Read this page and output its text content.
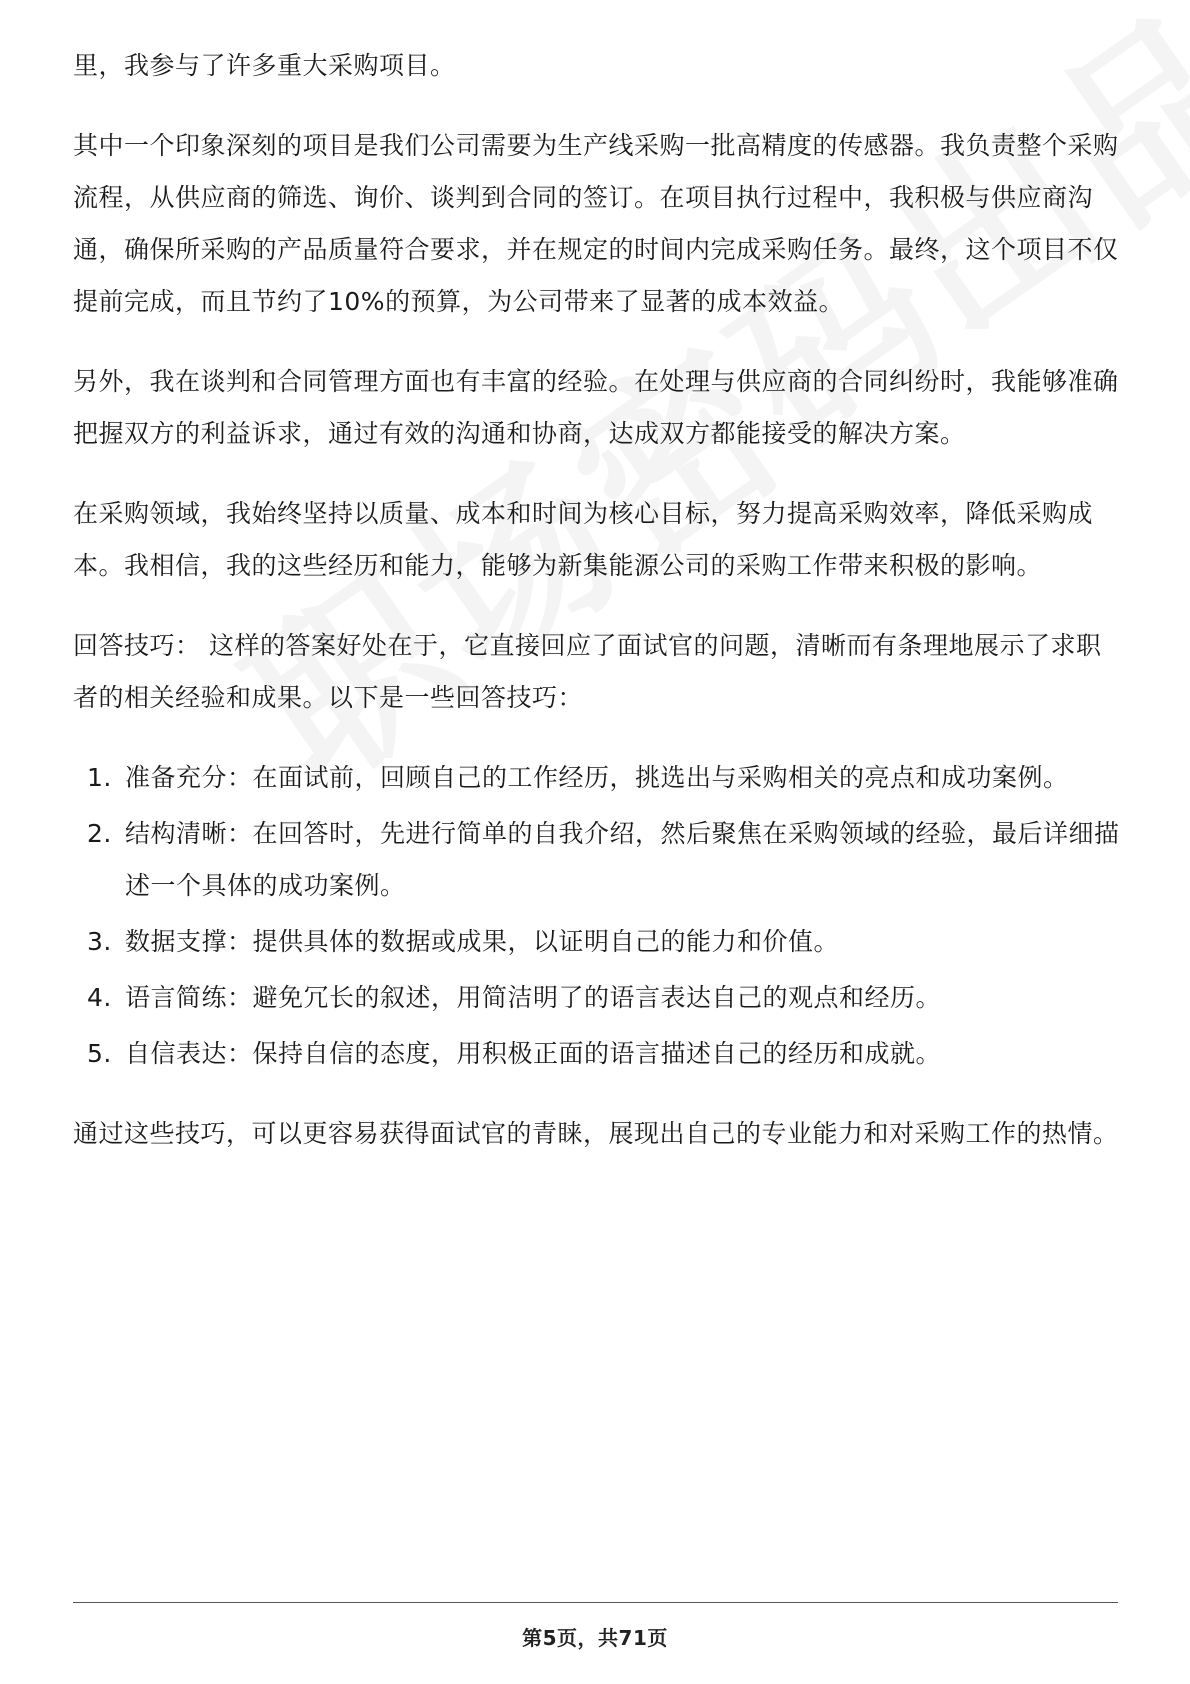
里，我参与了许多重大采购项目。

其中一个印象深刻的项目是我们公司需要为生产线采购一批高精度的传感器。我负责整个采购流程，从供应商的筛选、询价、谈判到合同的签订。在项目执行过程中，我积极与供应商沟通，确保所采购的产品质量符合要求，并在规定的时间内完成采购任务。最终，这个项目不仅提前完成，而且节约了10%的预算，为公司带来了显著的成本效益。

另外，我在谈判和合同管理方面也有丰富的经验。在处理与供应商的合同纠纷时，我能够准确把握双方的利益诉求，通过有效的沟通和协商，达成双方都能接受的解决方案。

在采购领域，我始终坚持以质量、成本和时间为核心目标，努力提高采购效率，降低采购成本。我相信，我的这些经历和能力，能够为新集能源公司的采购工作带来积极的影响。

回答技巧： 这样的答案好处在于，它直接回应了面试官的问题，清晰而有条理地展示了求职者的相关经验和成果。以下是一些回答技巧：

1. 准备充分：在面试前，回顾自己的工作经历，挑选出与采购相关的亮点和成功案例。
2. 结构清晰：在回答时，先进行简单的自我介绍，然后聚焦在采购领域的经验，最后详细描述一个具体的成功案例。
3. 数据支撑：提供具体的数据或成果，以证明自己的能力和价值。
4. 语言简练：避免冗长的叙述，用简洁明了的语言表达自己的观点和经历。
5. 自信表达：保持自信的态度，用积极正面的语言描述自己的经历和成就。

通过这些技巧，可以更容易获得面试官的青睐，展现出自己的专业能力和对采购工作的热情。

第5页，共71页
